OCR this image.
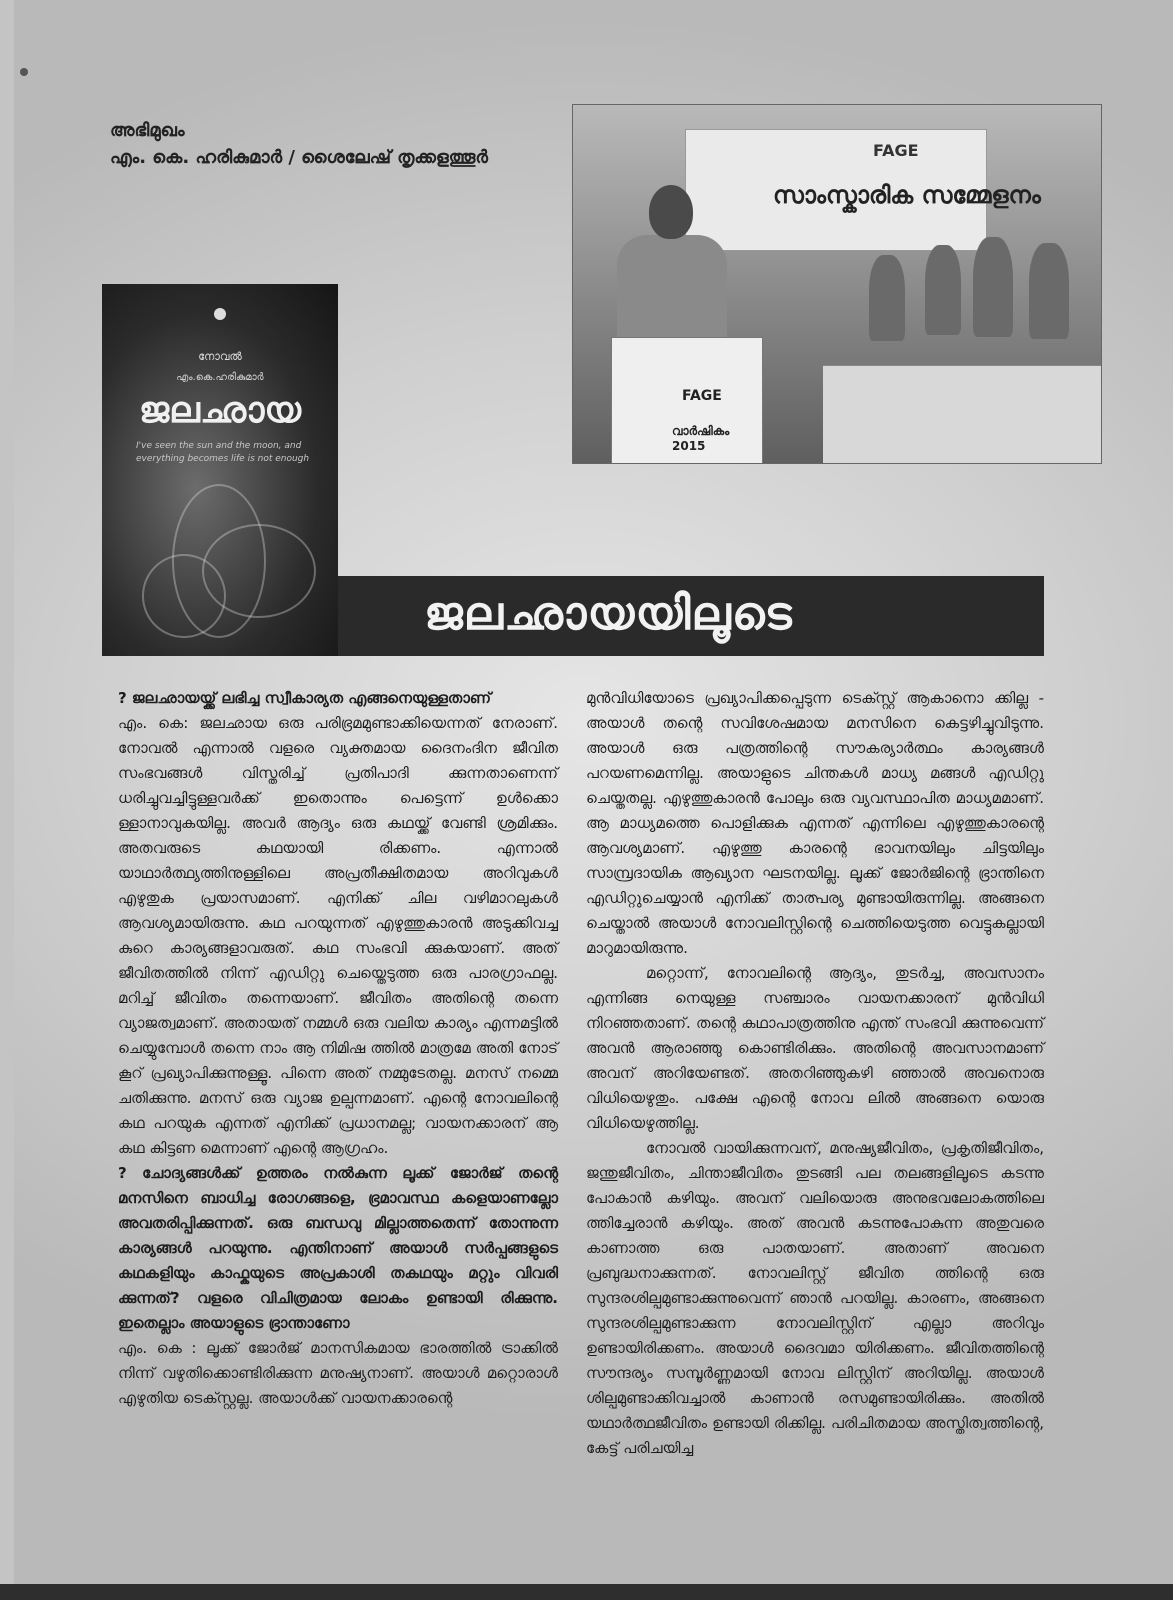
അഭിമുഖം

എം. കെ. ഹരികുമാർ / ശൈലേഷ് തൃക്കളത്തൂർ	FAGE
സാംസ്കാരിക സമ്മേളനം
FAGE
വാർഷികം 2015
നോവൽ
എം.കെ.ഹരികുമാർ
ജലഛായ
I've seen the sun and the moon, and everything becomes life is not enough
ജലഛായയിലൂടെ

? ജലഛായയ്ക്ക് ലഭിച്ച സ്വീകാര്യത എങ്ങനെയുള്ളതാണ്

എം. കെ: ജലഛായ ഒരു പരിഭ്രമമുണ്ടാക്കിയെന്നത് നേരാണ്. നോവൽ എന്നാൽ വളരെ വ്യക്തമായ ദൈനംദിന ജീവിത സംഭവങ്ങൾ വിസ്തരിച്ച് പ്രതിപാദി ക്കുന്നതാണെന്ന് ധരിച്ചുവച്ചിട്ടുള്ളവർക്ക് ഇതൊന്നും പെട്ടെന്ന് ഉൾക്കൊ ള്ളാനാവുകയില്ല. അവർ ആദ്യം ഒരു കഥയ്ക്ക് വേണ്ടി ശ്രമിക്കും. അതവരുടെ കഥയായി രിക്കണം. എന്നാൽ യാഥാർത്ഥ്യത്തിനുള്ളിലെ അപ്രതീക്ഷിതമായ അറിവുകൾ എഴുതുക പ്രയാസമാണ്. എനിക്ക് ചില വഴിമാറലുകൾ ആവശ്യമായിരുന്നു. കഥ പറയുന്നത് എഴുത്തുകാരൻ അടുക്കിവച്ച കുറെ കാര്യങ്ങളാവരുത്. കഥ സംഭവി ക്കുകയാണ്. അത് ജീവിതത്തിൽ നിന്ന് എഡിറ്റു ചെയ്തെടുത്ത ഒരു പാരഗ്രാഫല്ല. മറിച്ച് ജീവിതം തന്നെയാണ്. ജീവിതം അതിന്റെ തന്നെ വ്യാജത്വമാണ്. അതായത് നമ്മൾ ഒരു വലിയ കാര്യം എന്നമട്ടിൽ ചെയ്യുമ്പോൾ തന്നെ നാം ആ നിമിഷ ത്തിൽ മാത്രമേ അതി നോട് കൂറ് പ്രഖ്യാപിക്കുന്നുള്ളൂ. പിന്നെ അത് നമ്മുടേതല്ല. മനസ് നമ്മെ ചതിക്കുന്നു. മനസ് ഒരു വ്യാജ ഉല്പന്നമാണ്. എന്റെ നോവലിന്റെ കഥ പറയുക എന്നത് എനിക്ക് പ്രധാനമല്ല; വായനക്കാരന് ആ കഥ കിട്ടണ മെന്നാണ് എന്റെ ആഗ്രഹം.

? ചോദ്യങ്ങൾക്ക് ഉത്തരം നൽകുന്ന ലൂക്ക് ജോർജ് തന്റെ മനസിനെ ബാധിച്ച രോഗങ്ങളെ, ഭ്രമാവസ്ഥ കളെയാണല്ലോ അവതരിപ്പിക്കുന്നത്. ഒരു ബന്ധവു മില്ലാത്തതെന്ന് തോന്നുന്ന കാര്യങ്ങൾ പറയുന്നു. എന്തിനാണ് അയാൾ സർപ്പങ്ങളുടെ കഥകളിയും കാഫ്കയുടെ അപ്രകാശി തകഥയും മറ്റും വിവരി ക്കുന്നത്? വളരെ വിചിത്രമായ ലോകം ഉണ്ടായി രിക്കുന്നു. ഇതെല്ലാം അയാളുടെ ഭ്രാന്താണോ

എം. കെ : ലൂക്ക് ജോർജ് മാനസികമായ ഭാരത്തിൽ ട്രാക്കിൽ നിന്ന് വഴുതിക്കൊണ്ടിരിക്കുന്ന മനുഷ്യനാണ്. അയാൾ മറ്റൊരാൾ എഴുതിയ ടെക്സ്റ്റല്ല. അയാൾക്ക് വായനക്കാരന്റെ

മുൻവിധിയോടെ പ്രഖ്യാപിക്കപ്പെടുന്ന ടെക്സ്റ്റ് ആകാനൊ ക്കില്ല - അയാൾ തന്റെ സവിശേഷമായ മനസിനെ കെട്ടഴിച്ചുവിടുന്നു. അയാൾ ഒരു പത്രത്തിന്റെ സൗകര്യാർത്ഥം കാര്യങ്ങൾ പറയണമെന്നില്ല. അയാളുടെ ചിന്തകൾ മാധ്യ മങ്ങൾ എഡിറ്റു ചെയ്തതല്ല. എഴുത്തുകാരൻ പോലും ഒരു വ്യവസ്ഥാപിത മാധ്യമമാണ്. ആ മാധ്യമത്തെ പൊളിക്കുക എന്നത് എന്നിലെ എഴുത്തുകാരന്റെ ആവശ്യമാണ്. എഴുത്തു കാരന്റെ ഭാവനയിലും ചിട്ടയിലും സാമ്പ്രദായിക ആഖ്യാന ഘടനയില്ല. ലൂക്ക് ജോർജിന്റെ ഭ്രാന്തിനെ എഡിറ്റുചെയ്യാൻ എനിക്ക് താത്പര്യ മുണ്ടായിരുന്നില്ല. അങ്ങനെ ചെയ്താൽ അയാൾ നോവലിസ്റ്റിന്റെ ചെത്തിയെടുത്ത വെട്ടുകല്ലായി മാറുമായിരുന്നു.

മറ്റൊന്ന്, നോവലിന്റെ ആദ്യം, തുടർച്ച, അവസാനം എന്നിങ്ങ നെയുള്ള സഞ്ചാരം വായനക്കാരന് മുൻവിധി നിറഞ്ഞതാണ്. തന്റെ കഥാപാത്രത്തിനു എന്ത് സംഭവി ക്കുന്നുവെന്ന് അവൻ ആരാഞ്ഞു കൊണ്ടിരിക്കും. അതിന്റെ അവസാനമാണ് അവന് അറിയേണ്ടത്. അതറിഞ്ഞുകഴി ഞ്ഞാൽ അവനൊരു വിധിയെഴുതും. പക്ഷേ എന്റെ നോവ ലിൽ അങ്ങനെ യൊരു വിധിയെഴുത്തില്ല.

നോവൽ വായിക്കുന്നവന്, മനുഷ്യജീവിതം, പ്രകൃതിജീവിതം, ജന്തുജീവിതം, ചിന്താജീവിതം തുടങ്ങി പല തലങ്ങളിലൂടെ കടന്നു പോകാൻ കഴിയും. അവന് വലിയൊരു അനുഭവലോകത്തിലെ ത്തിച്ചേരാൻ കഴിയും. അത് അവൻ കടന്നുപോകുന്ന അതുവരെ കാണാത്ത ഒരു പാതയാണ്. അതാണ് അവനെ പ്രബുദ്ധനാക്കുന്നത്. നോവലിസ്റ്റ് ജീവിത ത്തിന്റെ ഒരു സുന്ദരശില്പമുണ്ടാക്കുന്നുവെന്ന് ഞാൻ പറയില്ല. കാരണം, അങ്ങനെ സുന്ദരശില്പമുണ്ടാക്കുന്ന നോവലിസ്റ്റിന് എല്ലാ അറിവും ഉണ്ടായിരിക്കണം. അയാൾ ദൈവമാ യിരിക്കണം. ജീവിതത്തിന്റെ സൗന്ദര്യം സമ്പൂർണ്ണമായി നോവ ലിസ്റ്റിന് അറിയില്ല. അയാൾ ശില്പമുണ്ടാക്കിവച്ചാൽ കാണാൻ രസമുണ്ടായിരിക്കും. അതിൽ യഥാർത്ഥജീവിതം ഉണ്ടായി രിക്കില്ല. പരിചിതമായ അസ്തിത്വത്തിന്റെ, കേട്ട് പരിചയിച്ച
